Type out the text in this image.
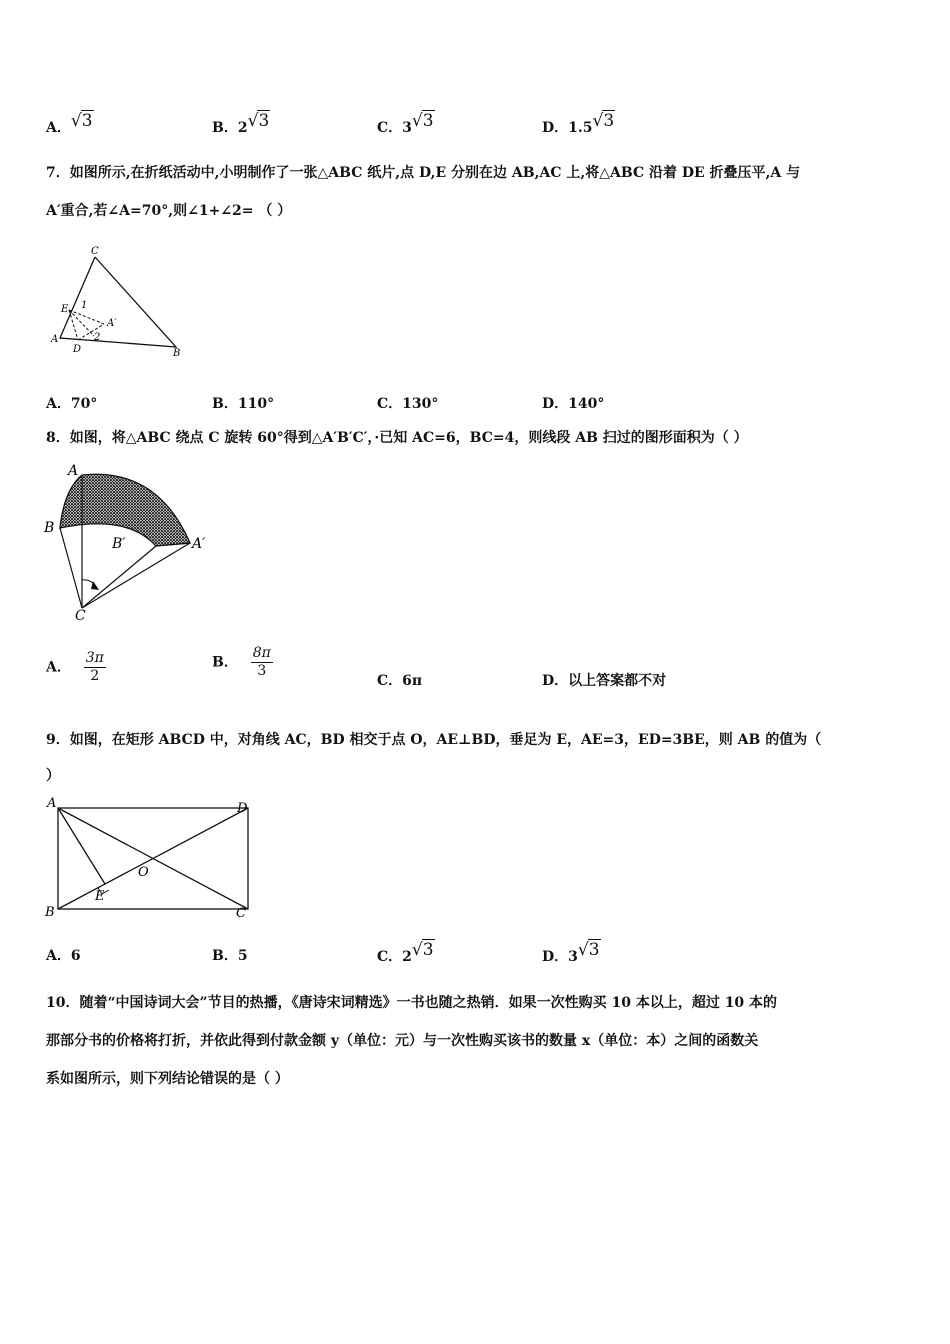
A．√3	B．2√3	C．3√3	D．1.5√3
7．如图所示,在折纸活动中,小明制作了一张△ABC 纸片,点 D,E 分别在边 AB,AC 上,将△ABC 沿着 DE 折叠压平,A 与
A′重合,若∠A=70°,则∠1+∠2= （ ）
C
E 1
A′
A
D
2
B
A．70°	B．110°	C．130°	D．140°
8．如图，将△ABC 绕点 C 旋转 60°得到△A′B′C′，·已知 AC=6，BC=4，则线段 AB 扫过的图形面积为（ ）
A
B
B′	A′
C
A． $\frac{3\pi}{2}$	B． $\frac{8\pi}{3}$
C．6π	D．以上答案都不对
9．如图，在矩形 ABCD 中，对角线 AC，BD 相交于点 O，AE⊥BD，垂足为 E，AE=3，ED=3BE，则 AB 的值为（
）
A	D
O
E
B	C
A．6	B．5	C．2√3	D．3√3
10．随着“中国诗词大会”节目的热播，《唐诗宋词精选》一书也随之热销．如果一次性购买 10 本以上，超过 10 本的
那部分书的价格将打折，并依此得到付款金额 y（单位：元）与一次性购买该书的数量 x（单位：本）之间的函数关
系如图所示，则下列结论错误的是（ ）
